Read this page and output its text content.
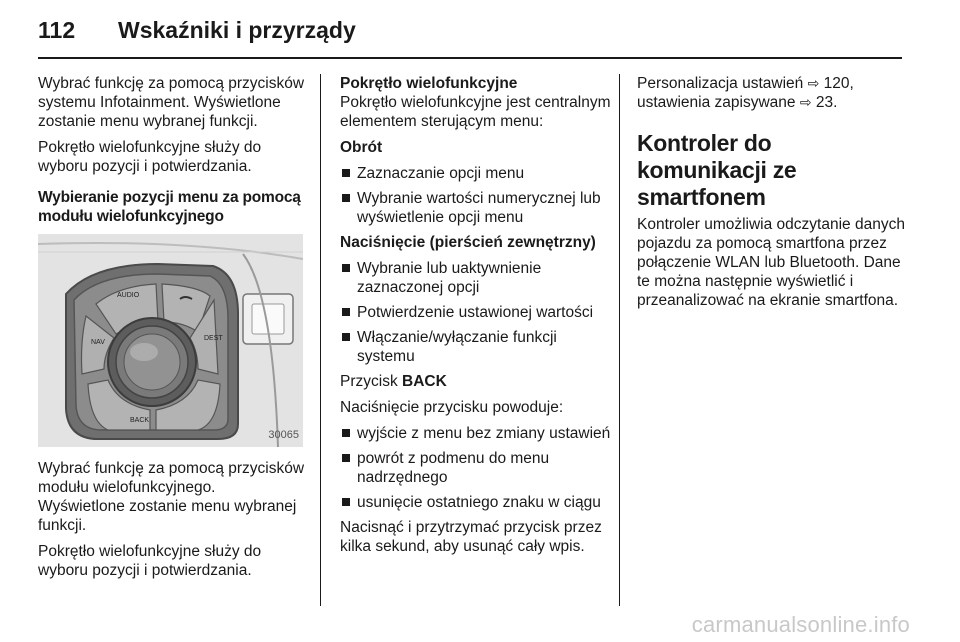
112	Wskaźniki i przyrządy

Wybrać funkcję za pomocą przycisków systemu Infotainment. Wyświetlone zostanie menu wybranej funkcji.

Pokrętło wielofunkcyjne służy do wyboru pozycji i potwierdzania.

Wybieranie pozycji menu za pomocą modułu wielofunkcyjnego

AUDIO
NAV
DEST
BACK
30065

Wybrać funkcję za pomocą przycisków modułu wielofunkcyjnego. Wyświetlone zostanie menu wybranej funkcji.

Pokrętło wielofunkcyjne służy do wyboru pozycji i potwierdzania.

Pokrętło wielofunkcyjne

Pokrętło wielofunkcyjne jest centralnym elementem sterującym menu:

Obrót

Zaznaczanie opcji menu
Wybranie wartości numerycznej lub wyświetlenie opcji menu

Naciśnięcie (pierścień zewnętrzny)

Wybranie lub uaktywnienie zaznaczonej opcji
Potwierdzenie ustawionej wartości
Włączanie/wyłączanie funkcji systemu

Przycisk BACK

Naciśnięcie przycisku powoduje:

wyjście z menu bez zmiany ustawień
powrót z podmenu do menu nadrzędnego
usunięcie ostatniego znaku w ciągu

Nacisnąć i przytrzymać przycisk przez kilka sekund, aby usunąć cały wpis.

Personalizacja ustawień ⇨ 120,

ustawienia zapisywane ⇨ 23.

Kontroler do komunikacji ze smartfonem

Kontroler umożliwia odczytanie danych pojazdu za pomocą smartfona przez połączenie WLAN lub Bluetooth. Dane te można następnie wyświetlić i przeanalizować na ekranie smartfona.

carmanualsonline.info
